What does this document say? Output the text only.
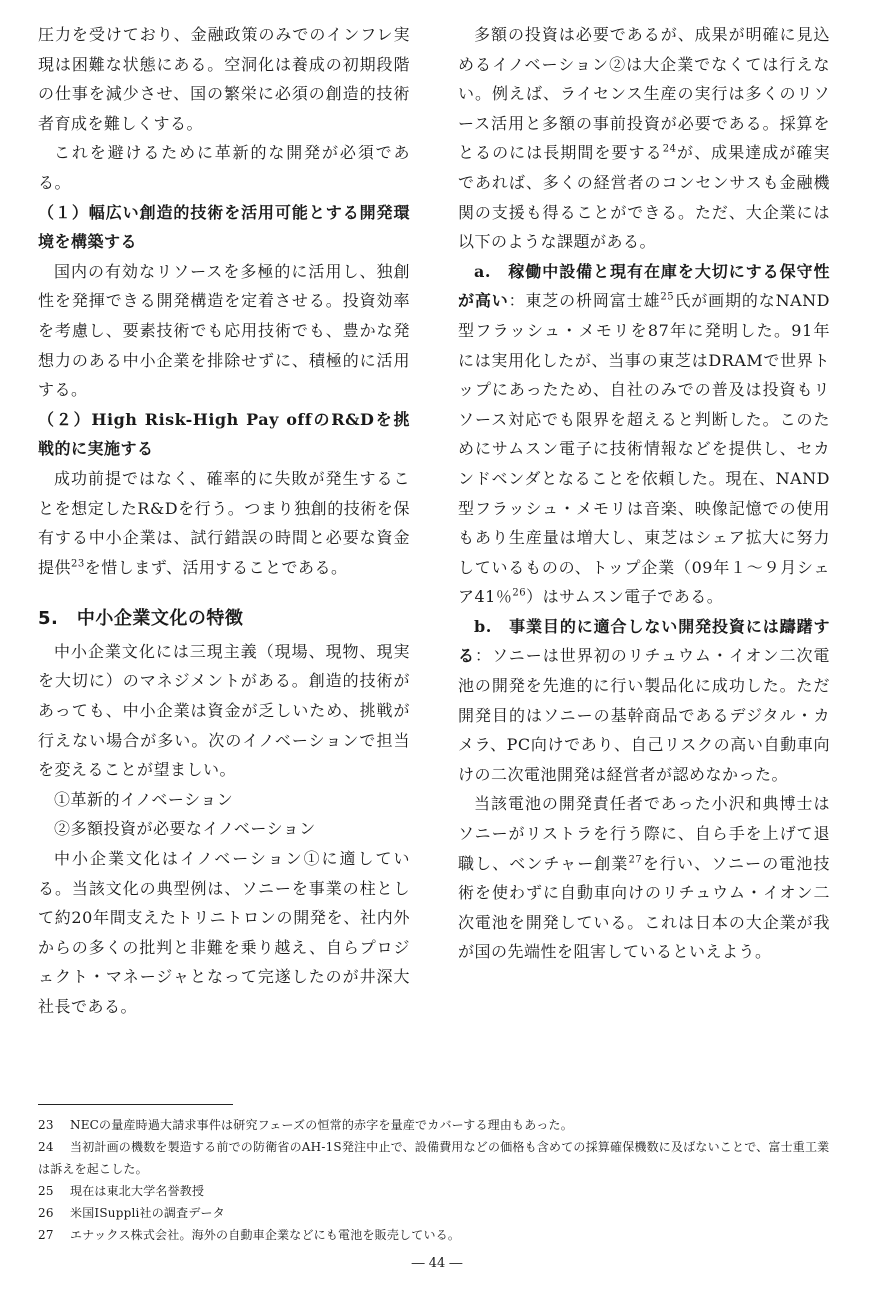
圧力を受けており、金融政策のみでのインフレ実現は困難な状態にある。空洞化は養成の初期段階の仕事を減少させ、国の繁栄に必須の創造的技術者育成を難しくする。

これを避けるために革新的な開発が必須である。

（１）幅広い創造的技術を活用可能とする開発環境を構築する

国内の有効なリソースを多極的に活用し、独創性を発揮できる開発構造を定着させる。投資効率を考慮し、要素技術でも応用技術でも、豊かな発想力のある中小企業を排除せずに、積極的に活用する。

（２）High Risk-High Pay offのR&Dを挑戦的に実施する

成功前提ではなく、確率的に失敗が発生することを想定したR&Dを行う。つまり独創的技術を保有する中小企業は、試行錯誤の時間と必要な資金提供$^{23}$を惜しまず、活用することである。

5.　中小企業文化の特徴

中小企業文化には三現主義（現場、現物、現実を大切に）のマネジメントがある。創造的技術があっても、中小企業は資金が乏しいため、挑戦が行えない場合が多い。次のイノベーションで担当を変えることが望ましい。

①革新的イノベーション

②多額投資が必要なイノベーション

中小企業文化はイノベーション①に適している。当該文化の典型例は、ソニーを事業の柱として約20年間支えたトリニトロンの開発を、社内外からの多くの批判と非難を乗り越え、自らプロジェクト・マネージャとなって完遂したのが井深大社長である。

多額の投資は必要であるが、成果が明確に見込めるイノベーション②は大企業でなくては行えない。例えば、ライセンス生産の実行は多くのリソース活用と多額の事前投資が必要である。採算をとるのには長期間を要する$^{24}$が、成果達成が確実であれば、多くの経営者のコンセンサスも金融機関の支援も得ることができる。ただ、大企業には以下のような課題がある。

a.　稼働中設備と現有在庫を大切にする保守性が高い：東芝の枡岡富士雄$^{25}$氏が画期的なNAND型フラッシュ・メモリを87年に発明した。91年には実用化したが、当事の東芝はDRAMで世界トップにあったため、自社のみでの普及は投資もリソース対応でも限界を超えると判断した。このためにサムスン電子に技術情報などを提供し、セカンドベンダとなることを依頼した。現在、NAND型フラッシュ・メモリは音楽、映像記憶での使用もあり生産量は増大し、東芝はシェア拡大に努力しているものの、トップ企業（09年１～９月シェア41％$^{26}$）はサムスン電子である。

b.　事業目的に適合しない開発投資には躊躇する：ソニーは世界初のリチュウム・イオン二次電池の開発を先進的に行い製品化に成功した。ただ開発目的はソニーの基幹商品であるデジタル・カメラ、PC向けであり、自己リスクの高い自動車向けの二次電池開発は経営者が認めなかった。

当該電池の開発責任者であった小沢和典博士はソニーがリストラを行う際に、自ら手を上げて退職し、ベンチャー創業$^{27}$を行い、ソニーの電池技術を使わずに自動車向けのリチュウム・イオン二次電池を開発している。これは日本の大企業が我が国の先端性を阻害しているといえよう。

23 NECの量産時過大請求事件は研究フェーズの恒常的赤字を量産でカバーする理由もあった。

24 当初計画の機数を製造する前での防衛省のAH-1S発注中止で、設備費用などの価格も含めての採算確保機数に及ばないことで、富士重工業は訴えを起こした。

25 現在は東北大学名誉教授

26 米国ISuppli社の調査データ

27 エナックス株式会社。海外の自動車企業などにも電池を販売している。

― 44 ―
